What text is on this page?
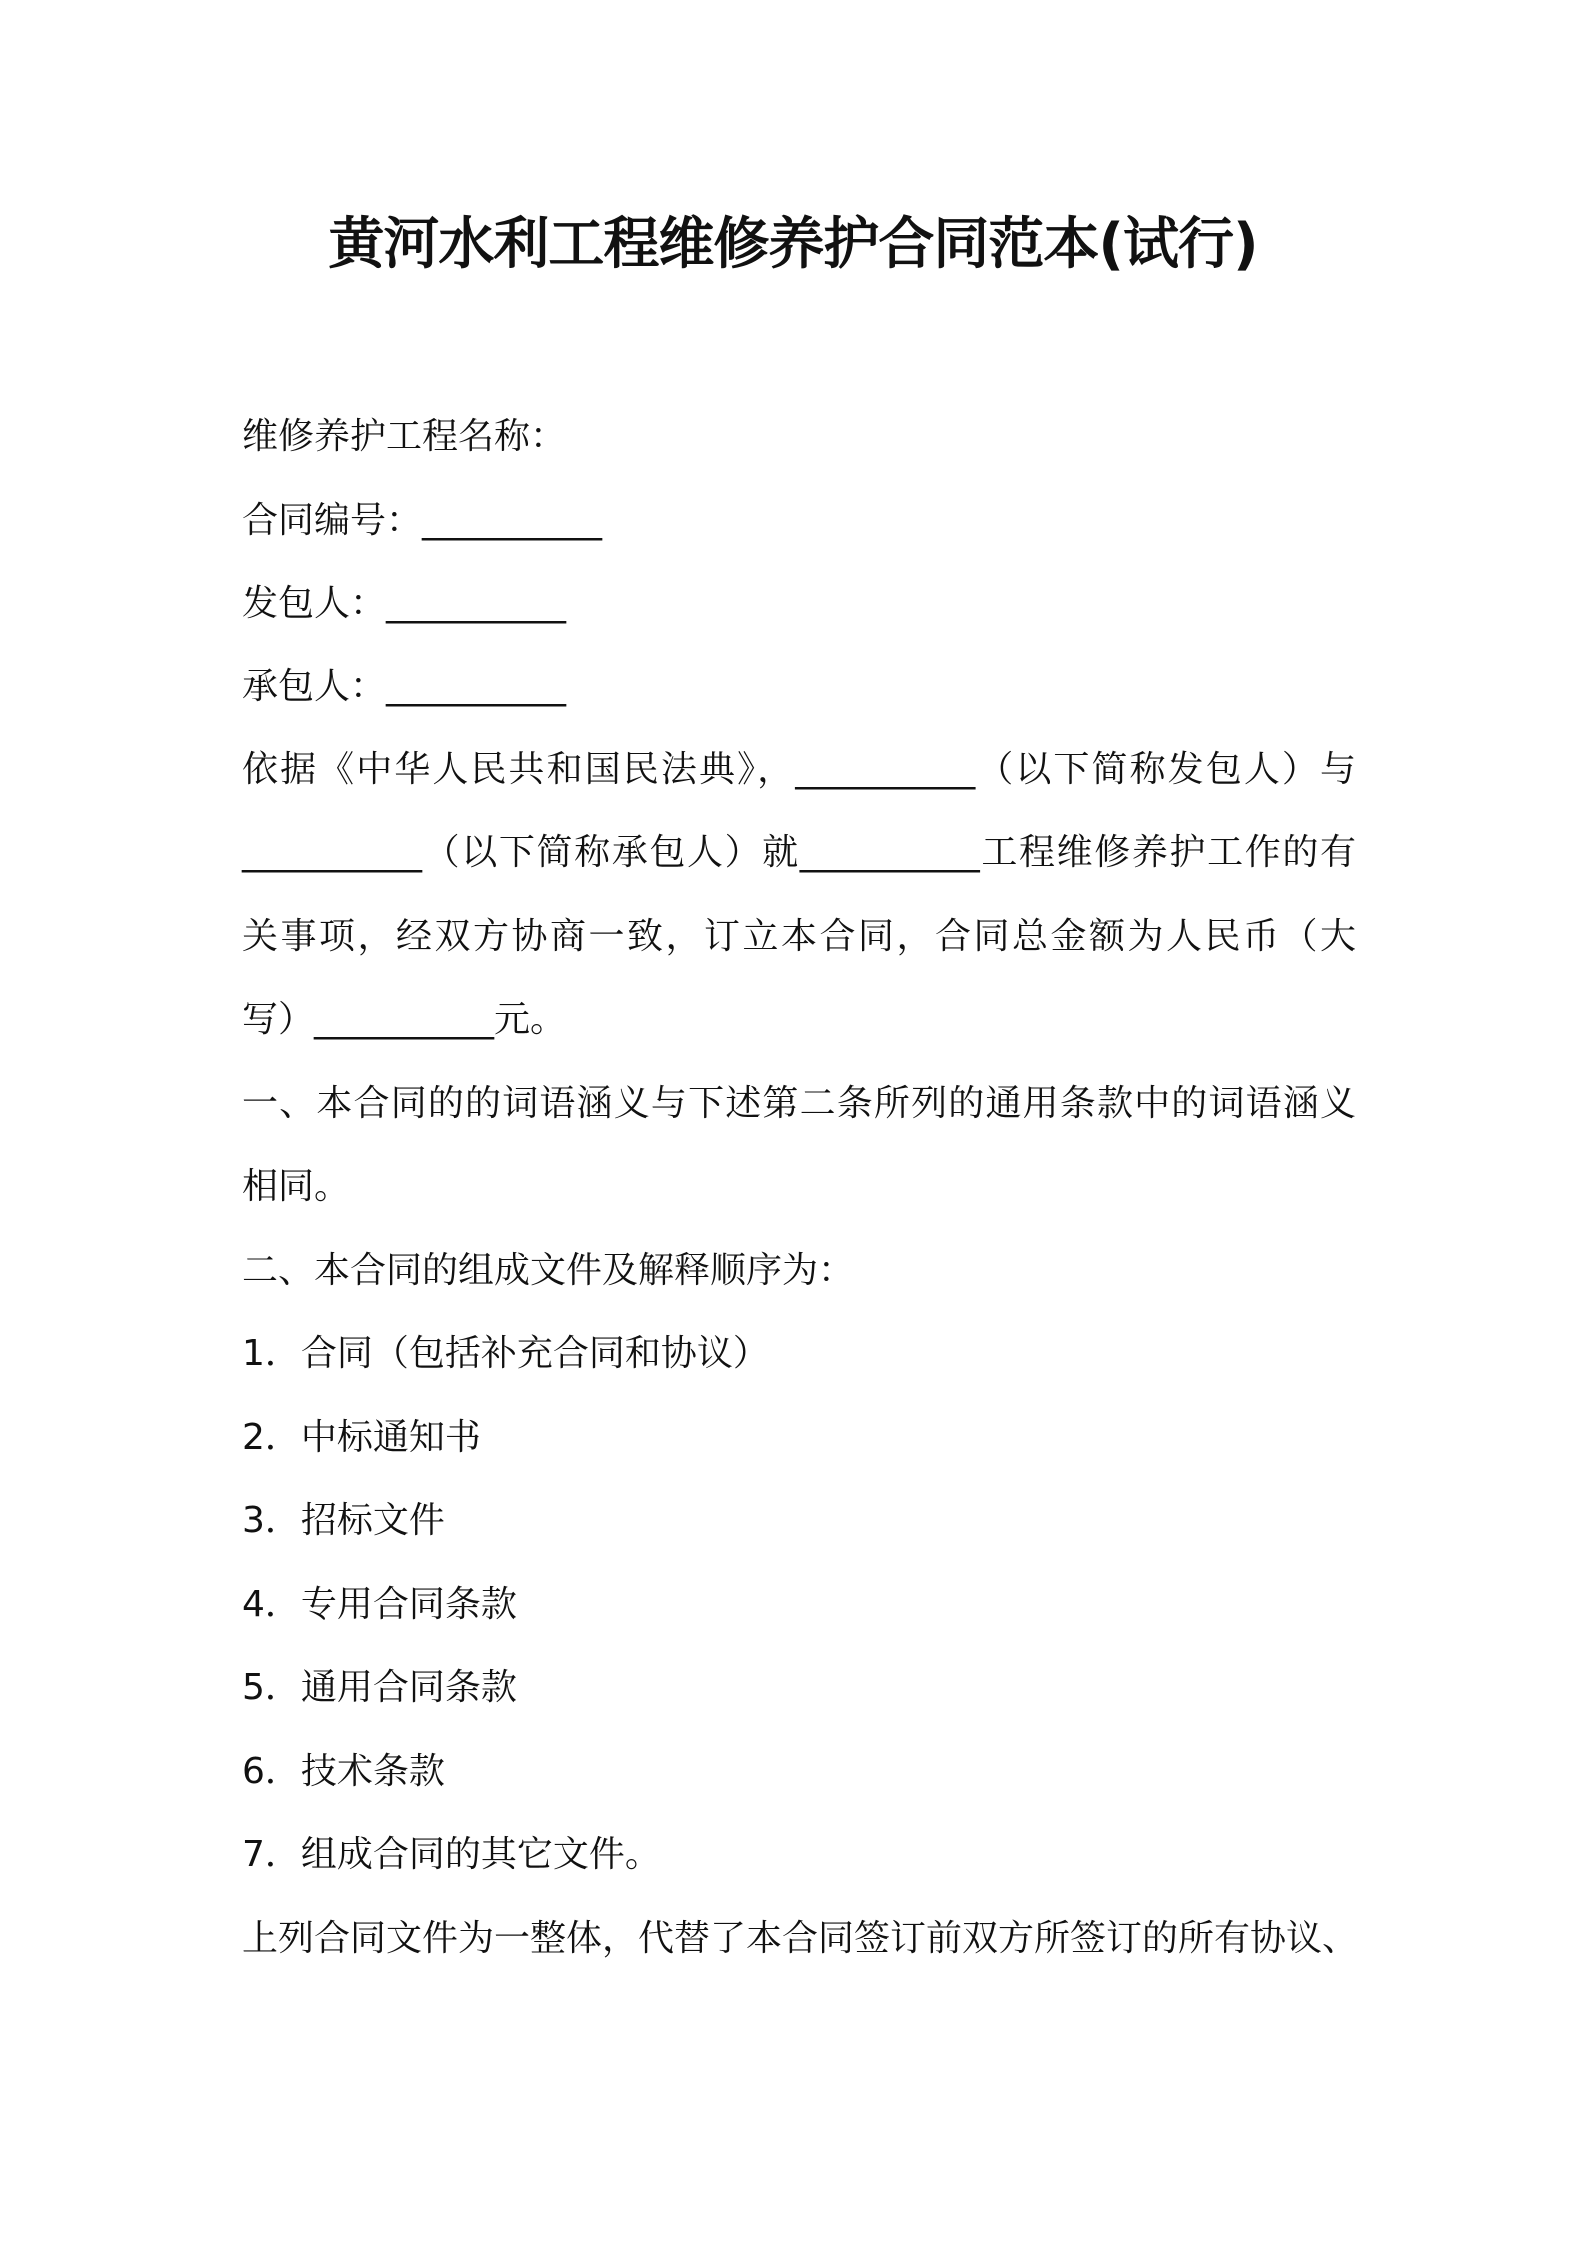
黄河水利工程维修养护合同范本(试行)

维修养护工程名称：

合同编号：__________

发包人：__________

承包人：__________

依据《中华人民共和国民法典》，__________（以下简称发包人）与

__________（以下简称承包人）就__________工程维修养护工作的有

关事项，经双方协商一致，订立本合同，合同总金额为人民币（大

写）__________元。

一、本合同的的词语涵义与下述第二条所列的通用条款中的词语涵义

相同。

二、本合同的组成文件及解释顺序为：

1．合同（包括补充合同和协议）

2．中标通知书

3．招标文件

4．专用合同条款

5．通用合同条款

6．技术条款

7．组成合同的其它文件。

上列合同文件为一整体，代替了本合同签订前双方所签订的所有协议、
